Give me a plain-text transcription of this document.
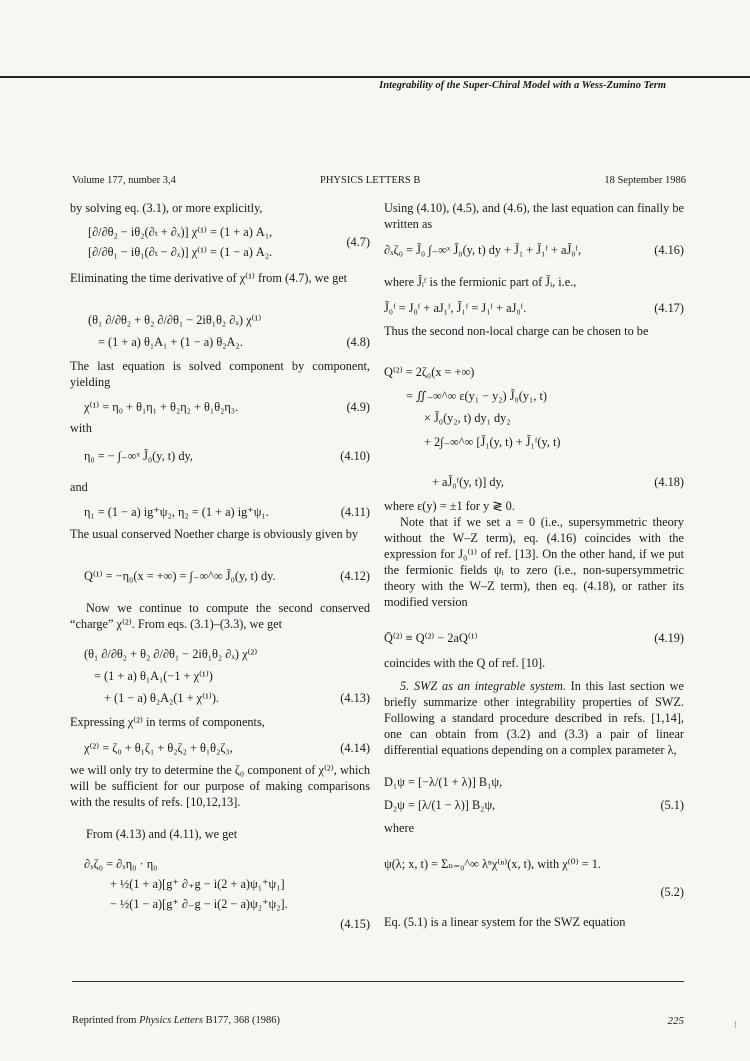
Integrability of the Super-Chiral Model with a Wess-Zumino Term
Volume 177, number 3,4	PHYSICS LETTERS B	18 September 1986
by solving eq. (3.1), or more explicitly,
[∂/∂θ₂ − iθ₂(∂ₜ + ∂ₓ)] χ⁽¹⁾ = (1 + a) A₁,
[∂/∂θ₁ − iθ₁(∂ₜ − ∂ₓ)] χ⁽¹⁾ = (1 − a) A₂.
(4.7)
Eliminating the time derivative of χ⁽¹⁾ from (4.7), we get
(θ₁ ∂/∂θ₂ + θ₂ ∂/∂θ₁ − 2iθ₁θ₂ ∂ₓ) χ⁽¹⁾
= (1 + a) θ₁A₁ + (1 − a) θ₂A₂.	(4.8)
The last equation is solved component by component, yielding
χ⁽¹⁾ = η₀ + θ₁η₁ + θ₂η₂ + θ₁θ₂η₃.	(4.9)
with
η₀ = − ∫₋∞ˣ J̃₀(y, t) dy,	(4.10)
and
η₁ = (1 − a) ig⁺ψ₂, η₂ = (1 + a) ig⁺ψ₁.	(4.11)
The usual conserved Noether charge is obviously given by
Q⁽¹⁾ = −η₀(x = +∞) = ∫₋∞^∞ J̃₀(y, t) dy.	(4.12)
Now we continue to compute the second conserved “charge” χ⁽²⁾. From eqs. (3.1)–(3.3), we get
(θ₁ ∂/∂θ₂ + θ₂ ∂/∂θ₁ − 2iθ₁θ₂ ∂ₓ) χ⁽²⁾
= (1 + a) θ₁A₁(−1 + χ⁽¹⁾)
+ (1 − a) θ₂A₂(1 + χ⁽¹⁾).	(4.13)
Expressing χ⁽²⁾ in terms of components,
χ⁽²⁾ = ζ₀ + θ₁ζ₁ + θ₂ζ₂ + θ₁θ₂ζ₃,	(4.14)
we will only try to determine the ζ₀ component of χ⁽²⁾, which will be sufficient for our purpose of making comparisons with the results of refs. [10,12,13].
From (4.13) and (4.11), we get
∂ₓζ₀ = ∂ₓη₀ · η₀
+ ½(1 + a)[g⁺ ∂₊g − i(2 + a)ψ₁⁺ψ₁]
− ½(1 − a)[g⁺ ∂₋g − i(2 − a)ψ₂⁺ψ₂].
(4.15)
Using (4.10), (4.5), and (4.6), the last equation can finally be written as
∂ₓζ₀ = J̃₀ ∫₋∞ˣ J̃₀(y, t) dy + J̃₁ + J̃₁ᶠ + aJ̃₀ᶠ,	(4.16)
where J̃ᵢᶠ is the fermionic part of J̃ᵢ, i.e.,
J̃₀ᶠ = J₀ᶠ + aJ₁ᶠ, J̃₁ᶠ = J₁ᶠ + aJ₀ᶠ.	(4.17)
Thus the second non-local charge can be chosen to be
Q⁽²⁾ = 2ζ₀(x = +∞)
= ∬₋∞^∞ ε(y₁ − y₂) J̃₀(y₁, t)
× J̃₀(y₂, t) dy₁ dy₂
+ 2∫₋∞^∞ [J̃₁(y, t) + J̃₁ᶠ(y, t)
+ aJ̃₀ᶠ(y, t)] dy,	(4.18)
where ε(y) = ±1 for y ≷ 0.
Note that if we set a = 0 (i.e., supersymmetric theory without the W–Z term), eq. (4.16) coincides with the expression for J₀⁽¹⁾ of ref. [13]. On the other hand, if we put the fermionic fields ψᵢ to zero (i.e., non-supersymmetric theory with the W–Z term), then eq. (4.18), or rather its modified version
Q̄⁽²⁾ ≡ Q⁽²⁾ − 2aQ⁽¹⁾	(4.19)
coincides with the Q of ref. [10].

5. SWZ as an integrable system. In this last section we briefly summarize other integrability properties of SWZ. Following a standard procedure described in refs. [1,14], one can obtain from (3.2) and (3.3) a pair of linear differential equations depending on a complex parameter λ,

D₁ψ = [−λ/(1 + λ)] B₁ψ,
D₂ψ = [λ/(1 − λ)] B₂ψ,	(5.1)
where
ψ(λ; x, t) = Σₙ₌₀^∞ λⁿχ⁽ⁿ⁾(x, t), with χ⁽⁰⁾ = 1.
(5.2)
Eq. (5.1) is a linear system for the SWZ equation
Reprinted from Physics Letters B177, 368 (1986)	225	⁞
